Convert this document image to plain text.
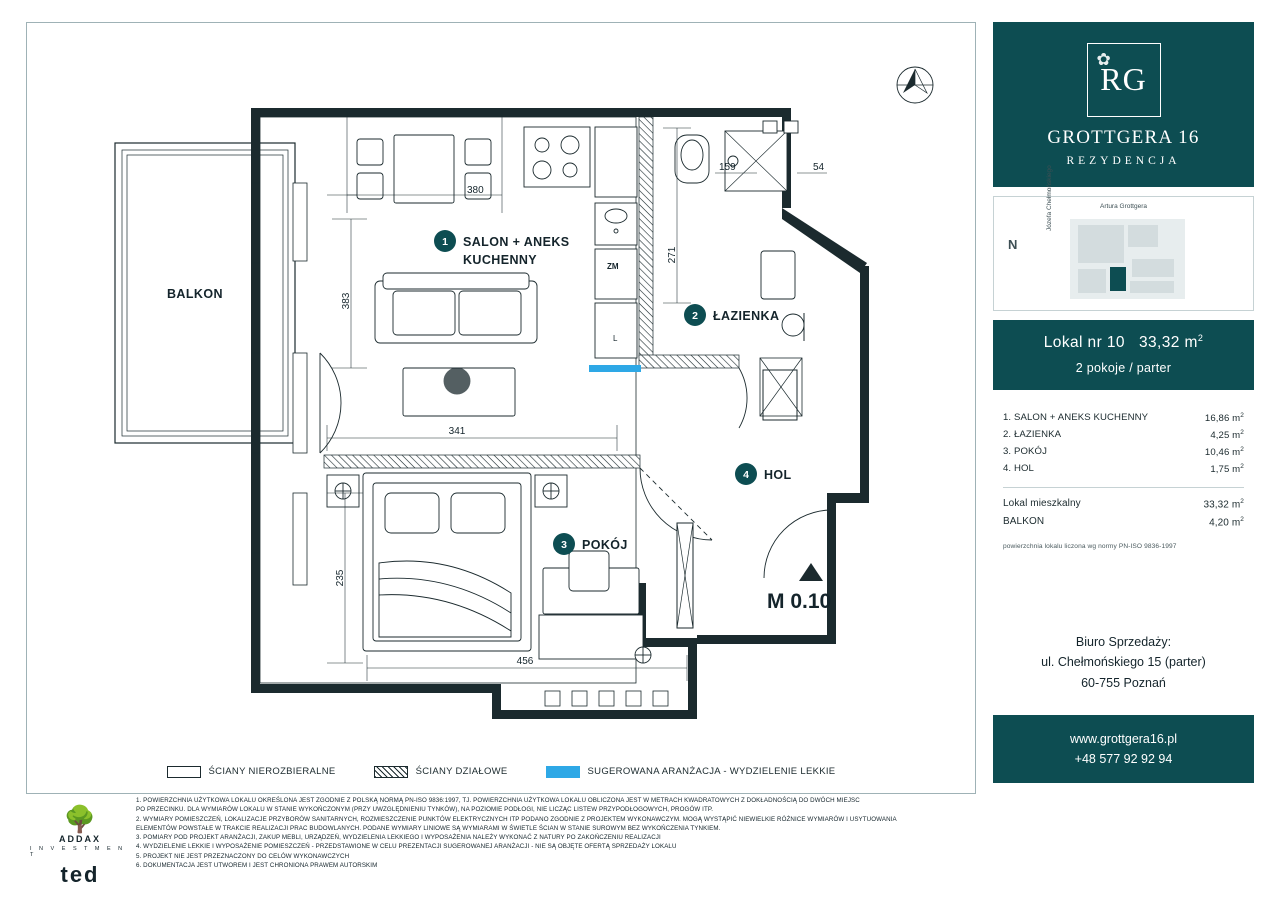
BALKON
ZM
L
380
383
341
271
159	54
235
456
1 SALON + ANEKS
KUCHENNY
2 ŁAZIENKA
3 POKÓJ
4 HOL
M 0.10
ŚCIANY NIEROZBIERALNE	ŚCIANY DZIAŁOWE	SUGEROWANA ARANŻACJA - WYDZIELENIE LEKKIE
1. POWIERZCHNIA UŻYTKOWA LOKALU OKREŚLONA JEST ZGODNIE Z POLSKĄ NORMĄ PN-ISO 9836:1997, TJ. POWIERZCHNIA UŻYTKOWA LOKALU OBLICZONA JEST W METRACH KWADRATOWYCH Z DOKŁADNOŚCIĄ DO DWÓCH MIEJSC
PO PRZECINKU. DLA WYMIARÓW LOKALU W STANIE WYKOŃCZONYM (PRZY UWZGLĘDNIENIU TYNKÓW), NA POZIOMIE PODŁOGI, NIE LICZĄC LISTEW PRZYPODŁOGOWYCH, PROGÓW ITP.
2. WYMIARY POMIESZCZEŃ, LOKALIZACJE PRZYBORÓW SANITARNYCH, ROZMIESZCZENIE PUNKTÓW ELEKTRYCZNYCH ITP PODANO ZGODNIE Z PROJEKTEM WYKONAWCZYM. MOGĄ WYSTĄPIĆ NIEWIELKIE RÓŻNICE WYMIARÓW I USYTUOWANIA
ELEMENTÓW POWSTAŁE W TRAKCIE REALIZACJI PRAC BUDOWLANYCH. PODANE WYMIARY LINIOWE SĄ WYMIARAMI W ŚWIETLE ŚCIAN W STANIE SUROWYM BEZ WYKOŃCZENIA TYNKIEM.
3. POMIARY POD PROJEKT ARANŻACJI, ZAKUP MEBLI, URZĄDZEŃ, WYDZIELENIA LEKKIEGO I WYPOSAŻENIA NALEŻY WYKONAĆ Z NATURY PO ZAKOŃCZENIU REALIZACJI
4. WYDZIELENIE LEKKIE I WYPOSAŻENIE POMIESZCZEŃ - PRZEDSTAWIONE W CELU PREZENTACJI SUGEROWANEJ ARANŻACJI - NIE SĄ OBJĘTE OFERTĄ SPRZEDAŻY LOKALU
5. PROJEKT NIE JEST PRZEZNACZONY DO CELÓW WYKONAWCZYCH
6. DOKUMENTACJA JEST UTWOREM I JEST CHRONIONA PRAWEM AUTORSKIM
🌳
ADDAX
I N V E S T M E N T
ted
✿
RG
GROTTGERA 16
REZYDENCJA
Artura Grottgera
Józefa Chełmońskiego
N
Lokal nr 10 33,32 $m^2$
2 pokoje / parter
1. SALON + ANEKS KUCHENNY	16,86 $m^2$
2. ŁAZIENKA	4,25 $m^2$
3. POKÓJ	10,46 $m^2$
4. HOL	1,75 $m^2$
Lokal mieszkalny	33,32 $m^2$
BALKON	4,20 $m^2$
powierzchnia lokalu liczona wg normy PN-ISO 9836-1997
Biuro Sprzedaży:
ul. Chełmońskiego 15 (parter)
60-755 Poznań
www.grottgera16.pl
+48 577 92 92 94
